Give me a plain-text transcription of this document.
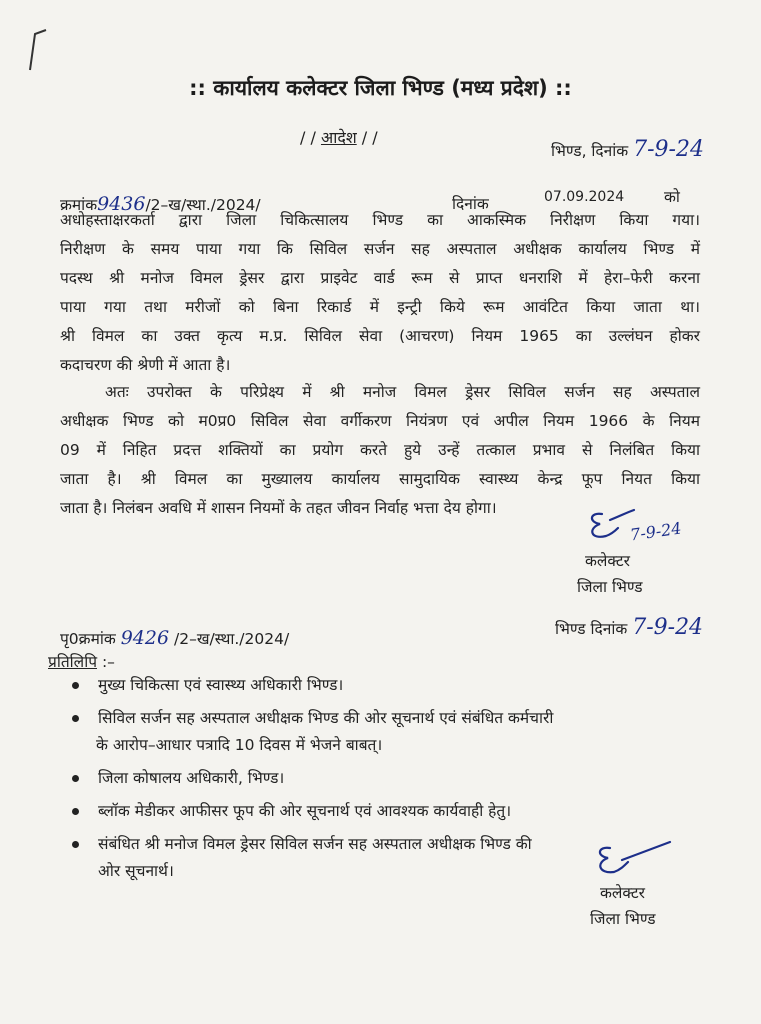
:: कार्यालय कलेक्टर जिला भिण्ड (मध्य प्रदेश) ::
/ / आदेश / /
भिण्ड, दिनांक 7-9-24
क्रमांक9436/2–ख/स्था./2024/	दिनांक	07.09.2024	को
अधोहस्ताक्षरकर्ता द्वारा जिला चिकित्सालय भिण्ड का आकस्मिक निरीक्षण किया गया।
निरीक्षण के समय पाया गया कि सिविल सर्जन सह अस्पताल अधीक्षक कार्यालय भिण्ड में
पदस्थ श्री मनोज विमल ड्रेसर द्वारा प्राइवेट वार्ड रूम से प्राप्त धनराशि में हेरा–फेरी करना
पाया गया तथा मरीजों को बिना रिकार्ड में इन्ट्री किये रूम आवंटित किया जाता था।
श्री विमल का उक्त कृत्य म.प्र. सिविल सेवा (आचरण) नियम 1965 का उल्लंघन होकर
कदाचरण की श्रेणी में आता है।
अतः उपरोक्त के परिप्रेक्ष्य में श्री मनोज विमल ड्रेसर सिविल सर्जन सह अस्पताल
अधीक्षक भिण्ड को म0प्र0 सिविल सेवा वर्गीकरण नियंत्रण एवं अपील नियम 1966 के नियम
09 में निहित प्रदत्त शक्तियों का प्रयोग करते हुये उन्हें तत्काल प्रभाव से निलंबित किया
जाता है। श्री विमल का मुख्यालय कार्यालय सामुदायिक स्वास्थ्य केन्द्र फूप नियत किया
जाता है। निलंबन अवधि में शासन नियमों के तहत जीवन निर्वाह भत्ता देय होगा।
7-9-24
कलेक्टर
जिला भिण्ड
पृ0क्रमांक 9426 /2–ख/स्था./2024/
भिण्ड दिनांक 7-9-24
प्रतिलिपि :–
मुख्य चिकित्सा एवं स्वास्थ्य अधिकारी भिण्ड।
सिविल सर्जन सह अस्पताल अधीक्षक भिण्ड की ओर सूचनार्थ एवं संबंधित कर्मचारी
के आरोप–आधार पत्रादि 10 दिवस में भेजने बाबत्।
जिला कोषालय अधिकारी, भिण्ड।
ब्लॉक मेडीकर आफीसर फूप की ओर सूचनार्थ एवं आवश्यक कार्यवाही हेतु।
संबंधित श्री मनोज विमल ड्रेसर सिविल सर्जन सह अस्पताल अधीक्षक भिण्ड की
ओर सूचनार्थ।
कलेक्टर
जिला भिण्ड
